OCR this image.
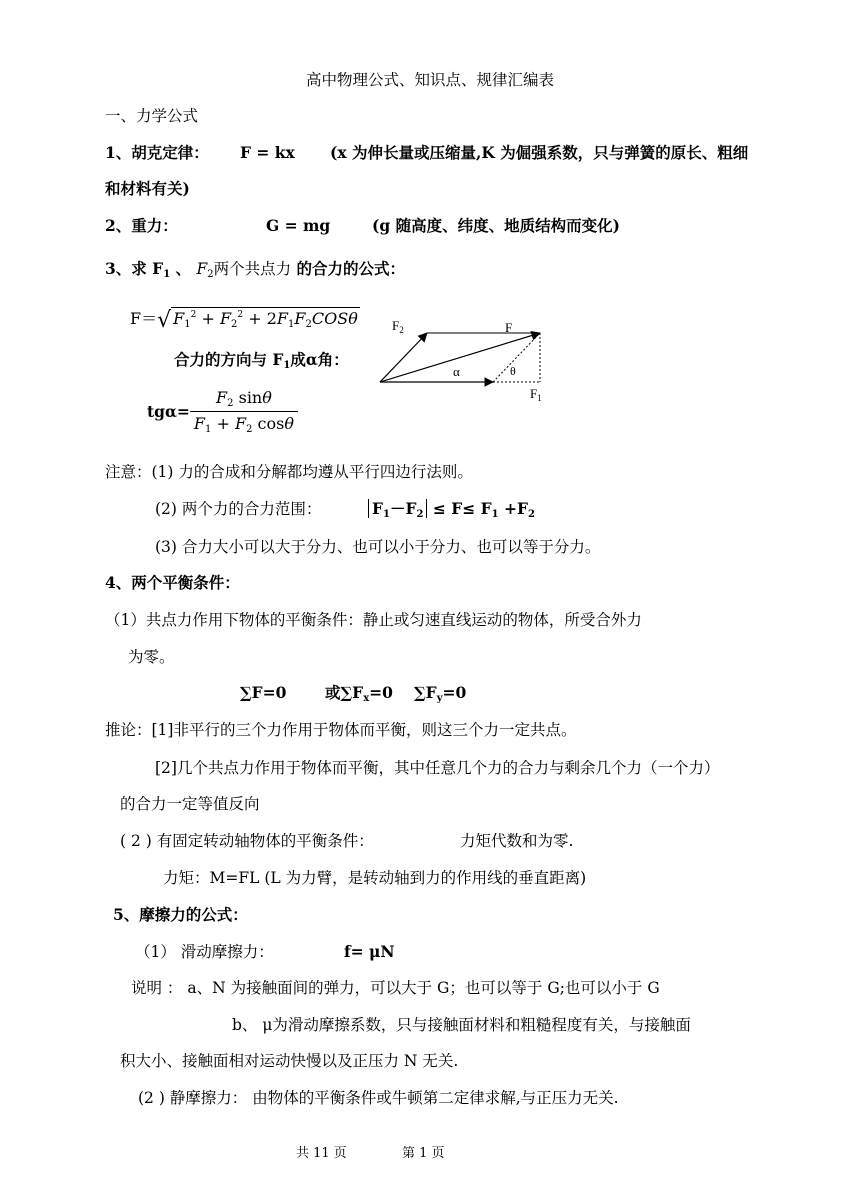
高中物理公式、知识点、规律汇编表
一、力学公式
1、胡克定律： F = kx (x 为伸长量或压缩量,K 为倔强系数，只与弹簧的原长、粗细
和材料有关)
2、重力：	G = mg	(g 随高度、纬度、地质结构而变化)
3、求 $F_1$ 、 $F_2$两个共点力 的合力的公式：
F＝√ $F_1^2 + F_2^2 + 2F_1F_2COS\theta$
合力的方向与 $F_1$成α角：
$tg\alpha= \frac{F_2 \sin\theta}{F_1 + F_2 \cos\theta}$
$F_2$	F
α	θ
$F_1$
注意：(1) 力的合成和分解都均遵从平行四边行法则。
(2) 两个力的合力范围：	$F_1-F_2 \le F\le F_1 +F_2$
(3) 合力大小可以大于分力、也可以小于分力、也可以等于分力。
4、两个平衡条件：
（1）共点力作用下物体的平衡条件：静止或匀速直线运动的物体，所受合外力
为零。
∑F=0 或$\sum F_x=0$ $\sum F_y=0$
推论：[1]非平行的三个力作用于物体而平衡，则这三个力一定共点。
[2]几个共点力作用于物体而平衡，其中任意几个力的合力与剩余几个力（一个力）
的合力一定等值反向
( 2 ) 有固定转动轴物体的平衡条件：	力矩代数和为零.
力矩：M=FL (L 为力臂，是转动轴到力的作用线的垂直距离)
5、摩擦力的公式：
（1） 滑动摩擦力：	f= μN
说明 ： a、N 为接触面间的弹力，可以大于 G；也可以等于 G;也可以小于 G
b、 μ为滑动摩擦系数，只与接触面材料和粗糙程度有关，与接触面
积大小、接触面相对运动快慢以及正压力 N 无关.
(2 ) 静摩擦力： 由物体的平衡条件或牛顿第二定律求解,与正压力无关.
共 11 页	第 1 页
